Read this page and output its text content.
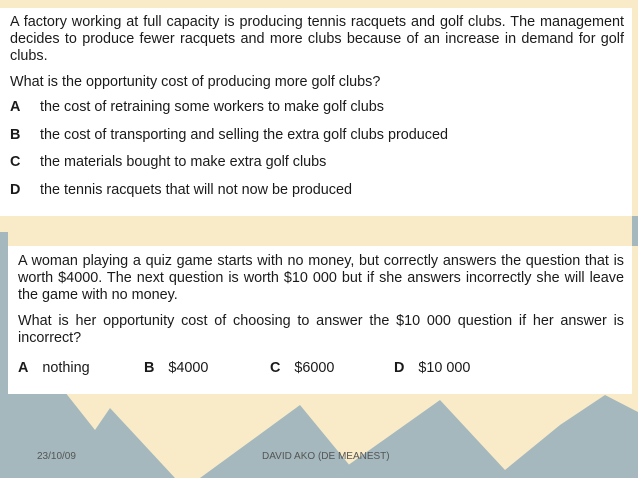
A factory working at full capacity is producing tennis racquets and golf clubs. The management decides to produce fewer racquets and more clubs because of an increase in demand for golf clubs.

What is the opportunity cost of producing more golf clubs?

A	the cost of retraining some workers to make golf clubs
B	the cost of transporting and selling the extra golf clubs produced
C	the materials bought to make extra golf clubs
D	the tennis racquets that will not now be produced

A woman playing a quiz game starts with no money, but correctly answers the question that is worth $4000. The next question is worth $10 000 but if she answers incorrectly she will leave the game with no money.

What is her opportunity cost of choosing to answer the $10 000 question if her answer is incorrect?

A nothing	B $4000	C $6000	D $10 000
23/10/09	DAVID AKO (DE MEANEST)
